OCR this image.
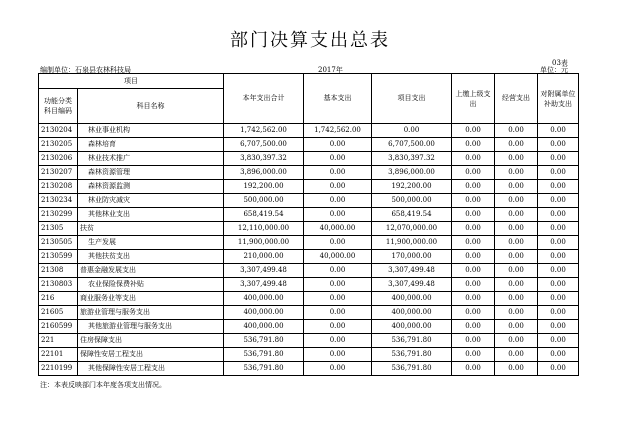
部门决算支出总表
03表
编制单位：石泉县农林科技局	2017年	单位：元
项目		本年支出合计	基本支出	项目支出	上缴上级支出	经营支出	对附属单位补助支出
功能分类科目编码	科目名称						
2130204	林业事业机构	1,742,562.00	1,742,562.00	0.00	0.00	0.00	0.00
2130205	森林培育	6,707,500.00	0.00	6,707,500.00	0.00	0.00	0.00
2130206	林业技术推广	3,830,397.32	0.00	3,830,397.32	0.00	0.00	0.00
2130207	森林资源管理	3,896,000.00	0.00	3,896,000.00	0.00	0.00	0.00
2130208	森林资源监测	192,200.00	0.00	192,200.00	0.00	0.00	0.00
2130234	林业防灾减灾	500,000.00	0.00	500,000.00	0.00	0.00	0.00
2130299	其他林业支出	658,419.54	0.00	658,419.54	0.00	0.00	0.00
21305	扶贫	12,110,000.00	40,000.00	12,070,000.00	0.00	0.00	0.00
2130505	生产发展	11,900,000.00	0.00	11,900,000.00	0.00	0.00	0.00
2130599	其他扶贫支出	210,000.00	40,000.00	170,000.00	0.00	0.00	0.00
21308	普惠金融发展支出	3,307,499.48	0.00	3,307,499.48	0.00	0.00	0.00
2130803	农业保险保费补贴	3,307,499.48	0.00	3,307,499.48	0.00	0.00	0.00
216	商业服务业等支出	400,000.00	0.00	400,000.00	0.00	0.00	0.00
21605	旅游业管理与服务支出	400,000.00	0.00	400,000.00	0.00	0.00	0.00
2160599	其他旅游业管理与服务支出	400,000.00	0.00	400,000.00	0.00	0.00	0.00
221	住房保障支出	536,791.80	0.00	536,791.80	0.00	0.00	0.00
22101	保障性安居工程支出	536,791.80	0.00	536,791.80	0.00	0.00	0.00
2210199	其他保障性安居工程支出	536,791.80	0.00	536,791.80	0.00	0.00	0.00
注：本表反映部门本年度各项支出情况。
